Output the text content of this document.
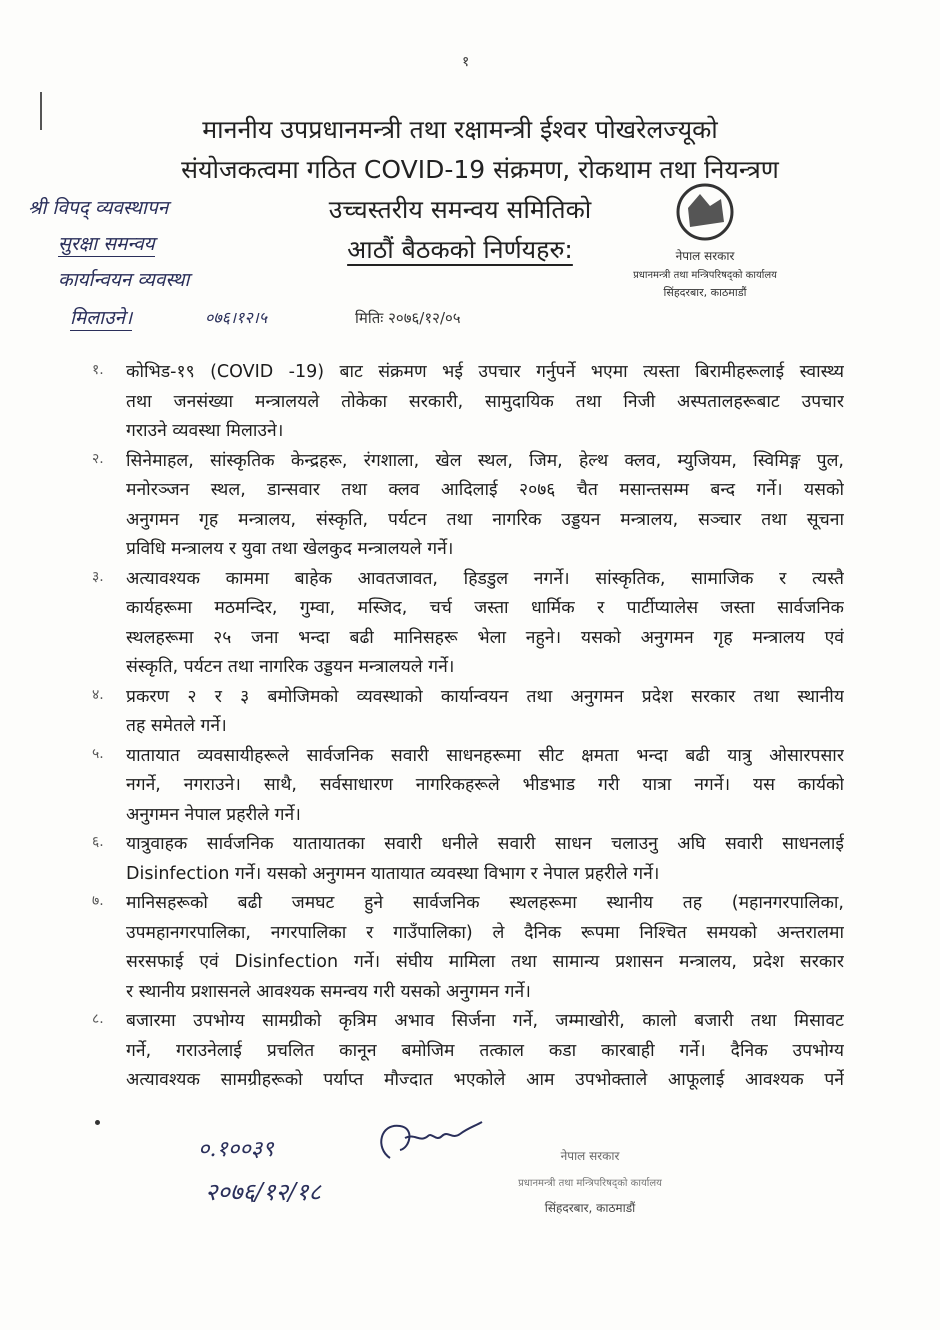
१
माननीय उपप्रधानमन्त्री तथा रक्षामन्त्री ईश्वर पोखरेलज्यूको
संयोजकत्वमा गठित COVID-19 संक्रमण, रोकथाम तथा नियन्त्रण
उच्चस्तरीय समन्वय समितिको
आठौं बैठकको निर्णयहरु:
मितिः २०७६/१२/०५
श्री विपद् व्यवस्थापन
सुरक्षा समन्वय
कार्यान्वयन व्यवस्था
मिलाउने।	०७६।१२।५
नेपाल सरकार
प्रधानमन्त्री तथा मन्त्रिपरिषद्को कार्यालय
सिंहदरबार, काठमाडौं
१. कोभिड-१९ (COVID -19) बाट संक्रमण भई उपचार गर्नुपर्ने भएमा त्यस्ता बिरामीहरूलाई स्वास्थ्य
तथा जनसंख्या मन्त्रालयले तोकेका सरकारी, सामुदायिक तथा निजी अस्पतालहरूबाट उपचार
गराउने व्यवस्था मिलाउने।
२. सिनेमाहल, सांस्कृतिक केन्द्रहरू, रंगशाला, खेल स्थल, जिम, हेल्थ क्लव, म्युजियम, स्विमिङ्ग पुल,
मनोरञ्जन स्थल, डान्सवार तथा क्लव आदिलाई २०७६ चैत मसान्तसम्म बन्द गर्ने। यसको
अनुगमन गृह मन्त्रालय, संस्कृति, पर्यटन तथा नागरिक उड्डयन मन्त्रालय, सञ्चार तथा सूचना
प्रविधि मन्त्रालय र युवा तथा खेलकुद मन्त्रालयले गर्ने।
३. अत्यावश्यक काममा बाहेक आवतजावत, हिडडुल नगर्ने। सांस्कृतिक, सामाजिक र त्यस्तै
कार्यहरूमा मठमन्दिर, गुम्वा, मस्जिद, चर्च जस्ता धार्मिक र पार्टीप्यालेस जस्ता सार्वजनिक
स्थलहरूमा २५ जना भन्दा बढी मानिसहरू भेला नहुने। यसको अनुगमन गृह मन्त्रालय एवं
संस्कृति, पर्यटन तथा नागरिक उड्डयन मन्त्रालयले गर्ने।
४. प्रकरण २ र ३ बमोजिमको व्यवस्थाको कार्यान्वयन तथा अनुगमन प्रदेश सरकार तथा स्थानीय
तह समेतले गर्ने।
५. यातायात व्यवसायीहरूले सार्वजनिक सवारी साधनहरूमा सीट क्षमता भन्दा बढी यात्रु ओसारपसार
नगर्ने, नगराउने। साथै, सर्वसाधारण नागरिकहरूले भीडभाड गरी यात्रा नगर्ने। यस कार्यको
अनुगमन नेपाल प्रहरीले गर्ने।
६. यात्रुवाहक सार्वजनिक यातायातका सवारी धनीले सवारी साधन चलाउनु अघि सवारी साधनलाई
Disinfection गर्ने। यसको अनुगमन यातायात व्यवस्था विभाग र नेपाल प्रहरीले गर्ने।
७. मानिसहरूको बढी जमघट हुने सार्वजनिक स्थलहरूमा स्थानीय तह (महानगरपालिका,
उपमहानगरपालिका, नगरपालिका र गाउँपालिका) ले दैनिक रूपमा निश्चित समयको अन्तरालमा
सरसफाई एवं Disinfection गर्ने। संघीय मामिला तथा सामान्य प्रशासन मन्त्रालय, प्रदेश सरकार
र स्थानीय प्रशासनले आवश्यक समन्वय गरी यसको अनुगमन गर्ने।
८. बजारमा उपभोग्य सामग्रीको कृत्रिम अभाव सिर्जना गर्ने, जम्माखोरी, कालो बजारी तथा मिसावट
गर्ने, गराउनेलाई प्रचलित कानून बमोजिम तत्काल कडा कारबाही गर्ने। दैनिक उपभोग्य
अत्यावश्यक सामग्रीहरूको पर्याप्त मौज्दात भएकोले आम उपभोक्ताले आफूलाई आवश्यक पर्ने
०.१००३९
२०७६/१२/१८
नेपाल सरकार
प्रधानमन्त्री तथा मन्त्रिपरिषद्को कार्यालय
सिंहदरबार, काठमाडौं
